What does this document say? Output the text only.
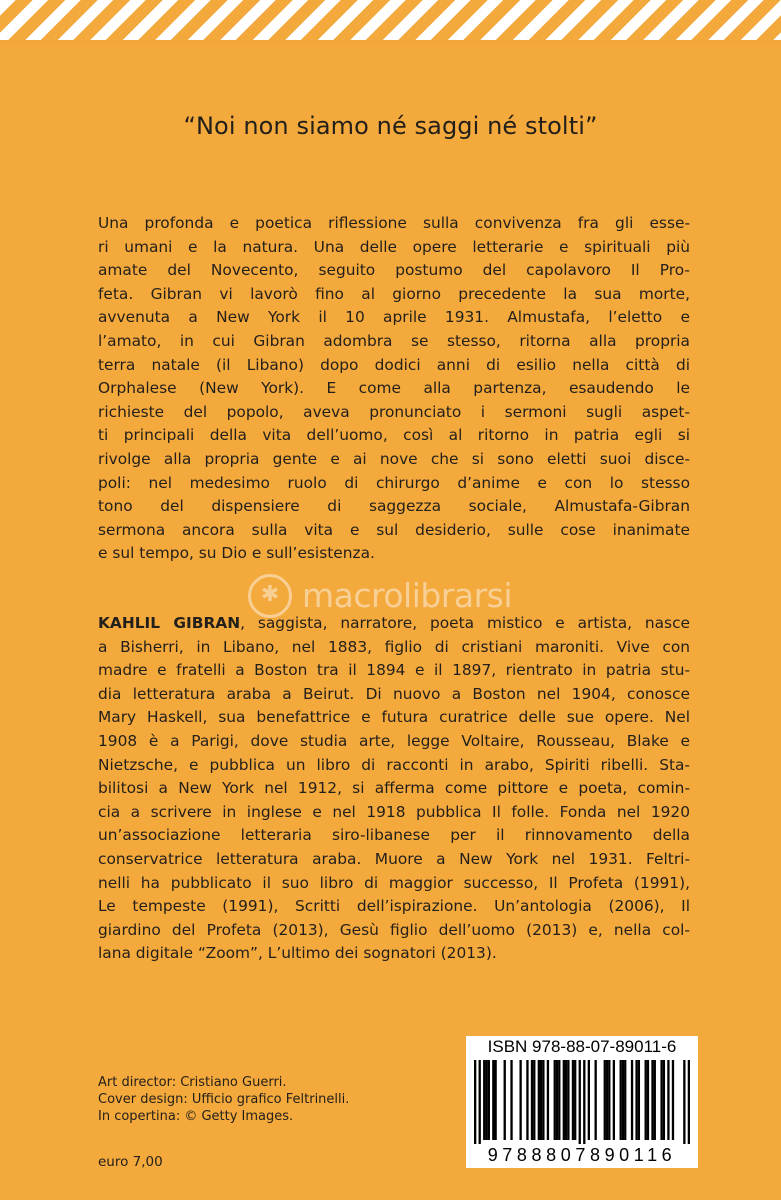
“Noi non siamo né saggi né stolti”
Una profonda e poetica riflessione sulla convivenza fra gli esse-
ri umani e la natura. Una delle opere letterarie e spirituali più
amate del Novecento, seguito postumo del capolavoro Il Pro-
feta. Gibran vi lavorò fino al giorno precedente la sua morte,
avvenuta a New York il 10 aprile 1931. Almustafa, l’eletto e
l’amato, in cui Gibran adombra se stesso, ritorna alla propria
terra natale (il Libano) dopo dodici anni di esilio nella città di
Orphalese (New York). E come alla partenza, esaudendo le
richieste del popolo, aveva pronunciato i sermoni sugli aspet-
ti principali della vita dell’uomo, così al ritorno in patria egli si
rivolge alla propria gente e ai nove che si sono eletti suoi disce-
poli: nel medesimo ruolo di chirurgo d’anime e con lo stesso
tono del dispensiere di saggezza sociale, Almustafa-Gibran
sermona ancora sulla vita e sul desiderio, sulle cose inanimate
e sul tempo, su Dio e sull’esistenza.
✱ macrolibrarsi
KAHLIL GIBRAN, saggista, narratore, poeta mistico e artista, nasce
a Bisherri, in Libano, nel 1883, figlio di cristiani maroniti. Vive con
madre e fratelli a Boston tra il 1894 e il 1897, rientrato in patria stu-
dia letteratura araba a Beirut. Di nuovo a Boston nel 1904, conosce
Mary Haskell, sua benefattrice e futura curatrice delle sue opere. Nel
1908 è a Parigi, dove studia arte, legge Voltaire, Rousseau, Blake e
Nietzsche, e pubblica un libro di racconti in arabo, Spiriti ribelli. Sta-
bilitosi a New York nel 1912, si afferma come pittore e poeta, comin-
cia a scrivere in inglese e nel 1918 pubblica Il folle. Fonda nel 1920
un’associazione letteraria siro-libanese per il rinnovamento della
conservatrice letteratura araba. Muore a New York nel 1931. Feltri-
nelli ha pubblicato il suo libro di maggior successo, Il Profeta (1991),
Le tempeste (1991), Scritti dell’ispirazione. Un’antologia (2006), Il
giardino del Profeta (2013), Gesù figlio dell’uomo (2013) e, nella col-
lana digitale “Zoom”, L’ultimo dei sognatori (2013).
Art director: Cristiano Guerri.
Cover design: Ufficio grafico Feltrinelli.
In copertina: © Getty Images.
euro 7,00
ISBN 978-88-07-89011-6
9788807890116
